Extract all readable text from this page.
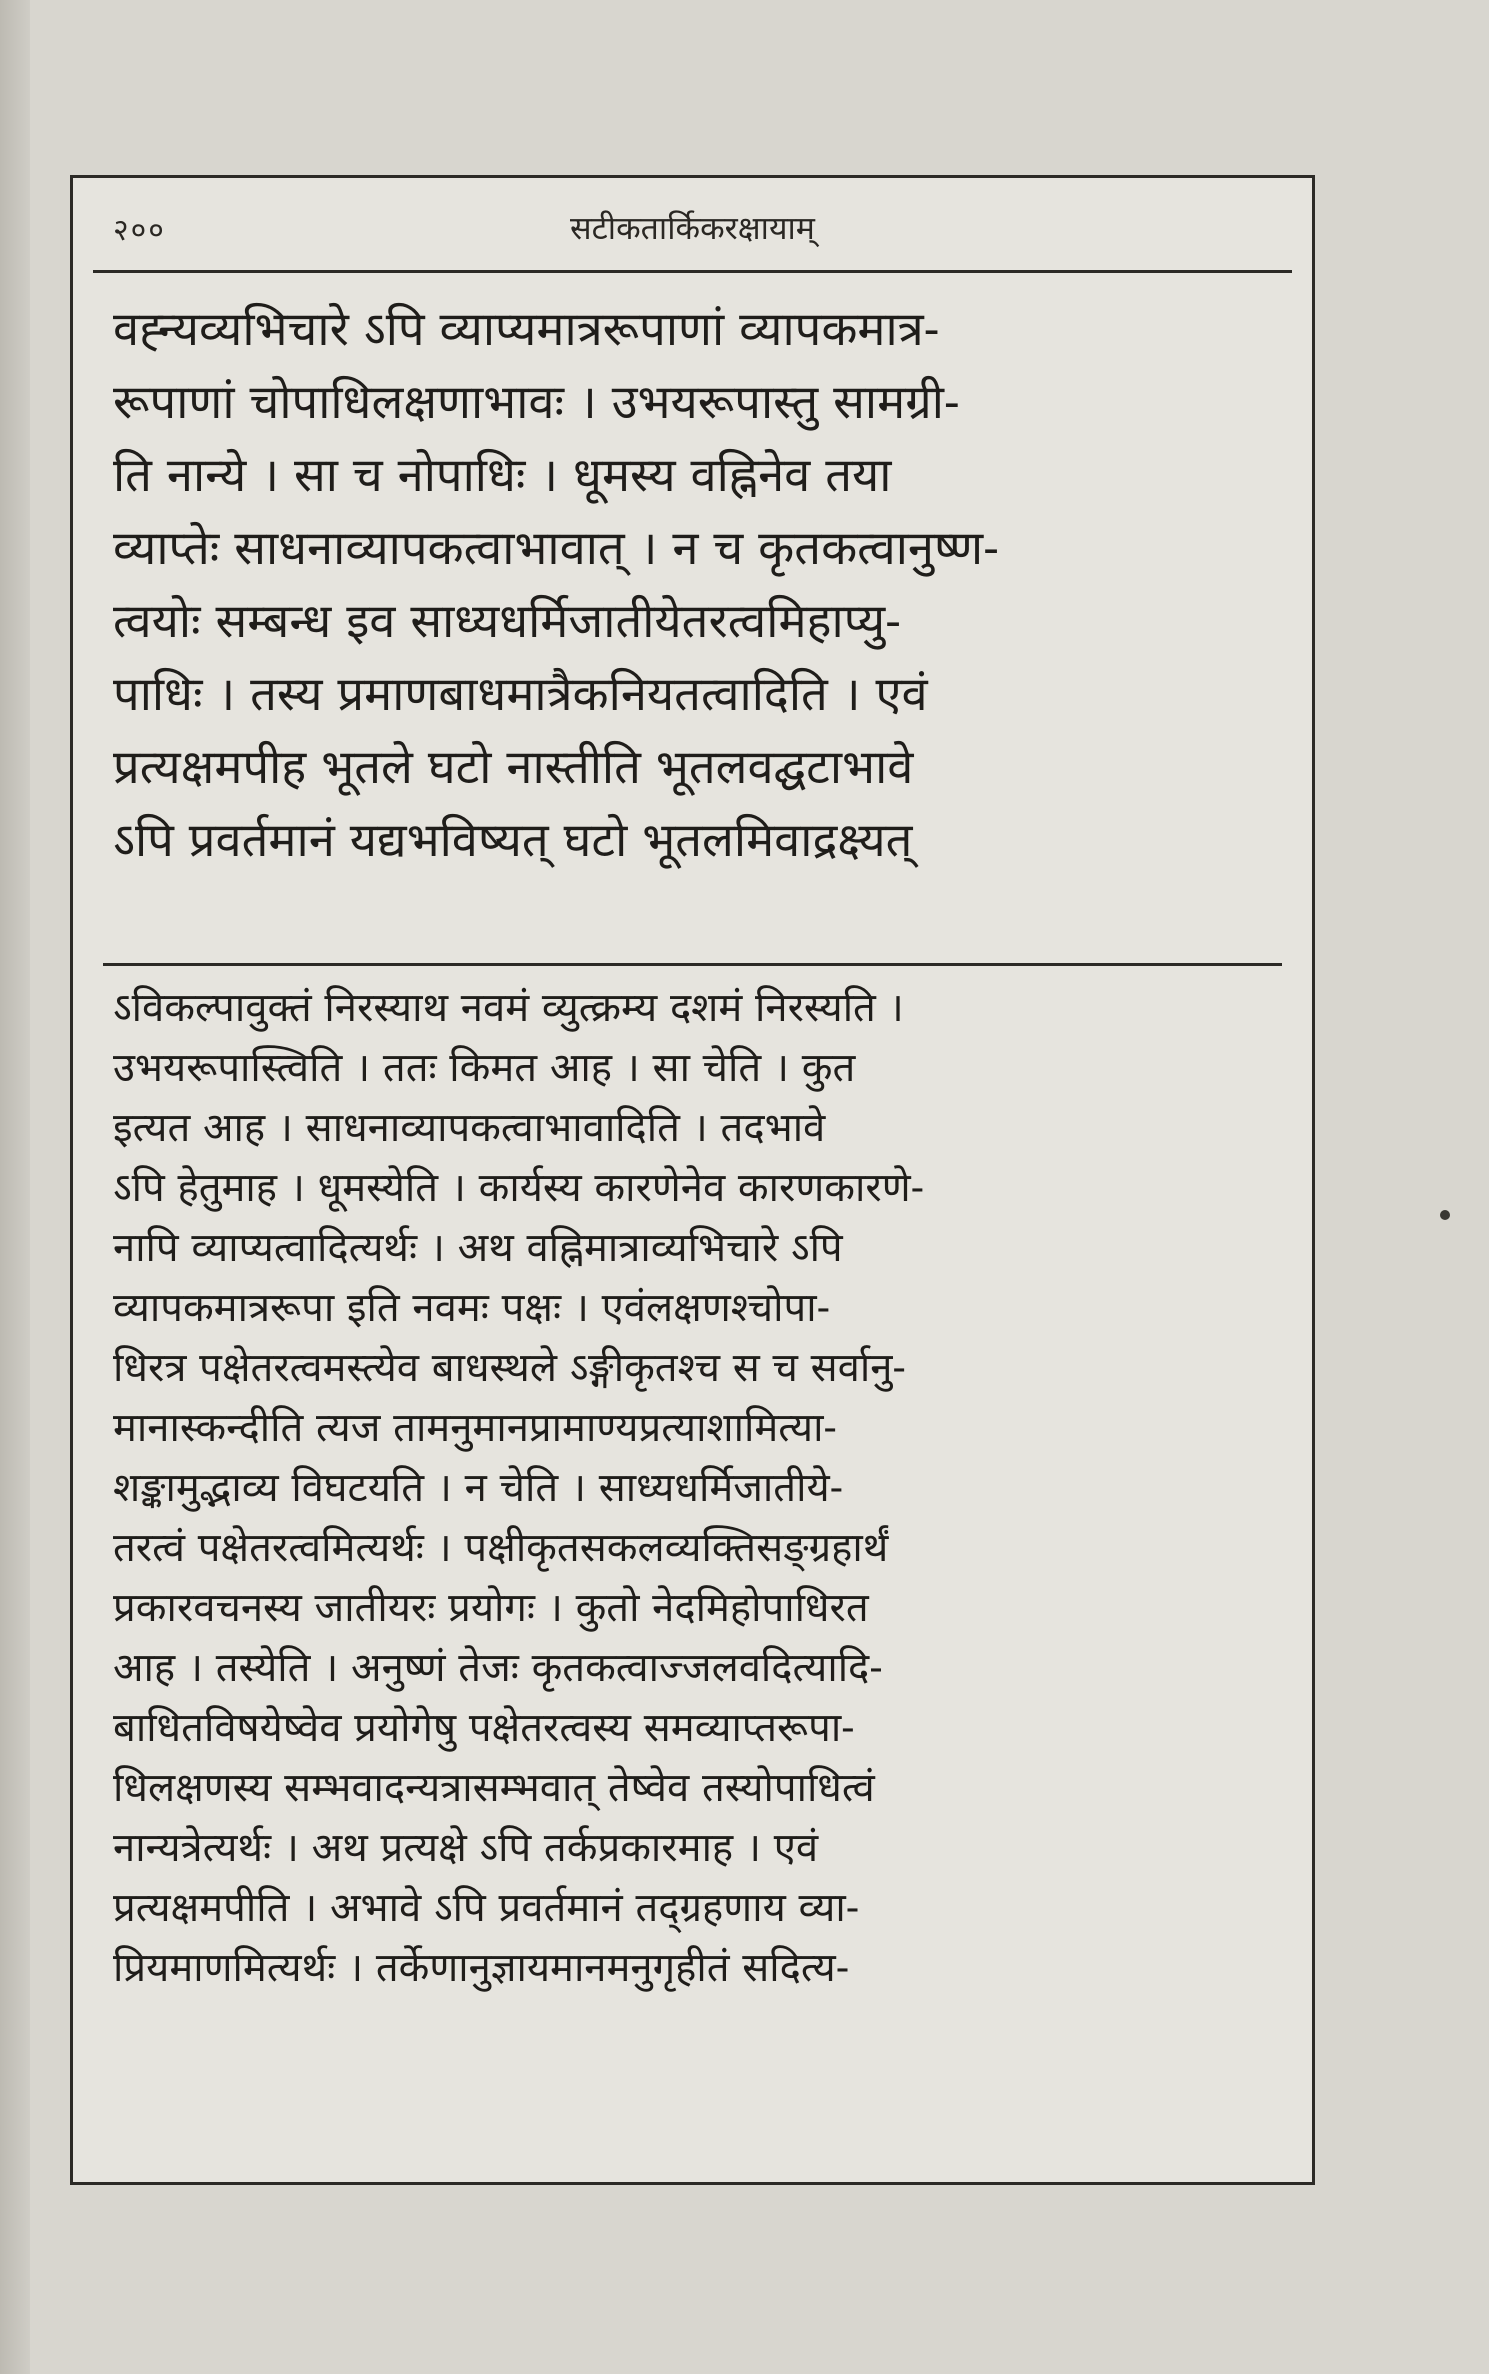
२००	सटीकतार्किकरक्षायाम्
वह्न्यव्यभिचारे ऽपि व्याप्यमात्ररूपाणां व्यापकमात्र-
रूपाणां चोपाधिलक्षणाभावः । उभयरूपास्तु सामग्री-
ति नान्ये । सा च नोपाधिः । धूमस्य वह्निनेव तया
व्याप्तेः साधनाव्यापकत्वाभावात् । न च कृतकत्वानुष्ण-
त्वयोः सम्बन्ध इव साध्यधर्मिजातीयेतरत्वमिहाप्यु-
पाधिः । तस्य प्रमाणबाधमात्रैकनियतत्वादिति । एवं
प्रत्यक्षमपीह भूतले घटो नास्तीति भूतलवद्घटाभावे
ऽपि प्रवर्तमानं यद्यभविष्यत् घटो भूतलमिवाद्रक्ष्यत्
ऽविकल्पावुक्तं निरस्याथ नवमं व्युत्क्रम्य दशमं निरस्यति ।
उभयरूपास्त्विति । ततः किमत आह । सा चेति । कुत
इत्यत आह । साधनाव्यापकत्वाभावादिति । तदभावे
ऽपि हेतुमाह । धूमस्येति । कार्यस्य कारणेनेव कारणकारणे-
नापि व्याप्यत्वादित्यर्थः । अथ वह्निमात्राव्यभिचारे ऽपि
व्यापकमात्ररूपा इति नवमः पक्षः । एवंलक्षणश्चोपा-
धिरत्र पक्षेतरत्वमस्त्येव बाधस्थले ऽङ्गीकृतश्च स च सर्वानु-
मानास्कन्दीति त्यज तामनुमानप्रामाण्यप्रत्याशामित्या-
शङ्कामुद्भाव्य विघटयति । न चेति । साध्यधर्मिजातीये-
तरत्वं पक्षेतरत्वमित्यर्थः । पक्षीकृतसकलव्यक्तिसङ्ग्रहार्थं
प्रकारवचनस्य जातीयरः प्रयोगः । कुतो नेदमिहोपाधिरत
आह । तस्येति । अनुष्णं तेजः कृतकत्वाज्जलवदित्यादि-
बाधितविषयेष्वेव प्रयोगेषु पक्षेतरत्वस्य समव्याप्तरूपा-
धिलक्षणस्य सम्भवादन्यत्रासम्भवात् तेष्वेव तस्योपाधित्वं
नान्यत्रेत्यर्थः । अथ प्रत्यक्षे ऽपि तर्कप्रकारमाह । एवं
प्रत्यक्षमपीति । अभावे ऽपि प्रवर्तमानं तद्ग्रहणाय व्या-
प्रियमाणमित्यर्थः । तर्केणानुज्ञायमानमनुगृहीतं सदित्य-
